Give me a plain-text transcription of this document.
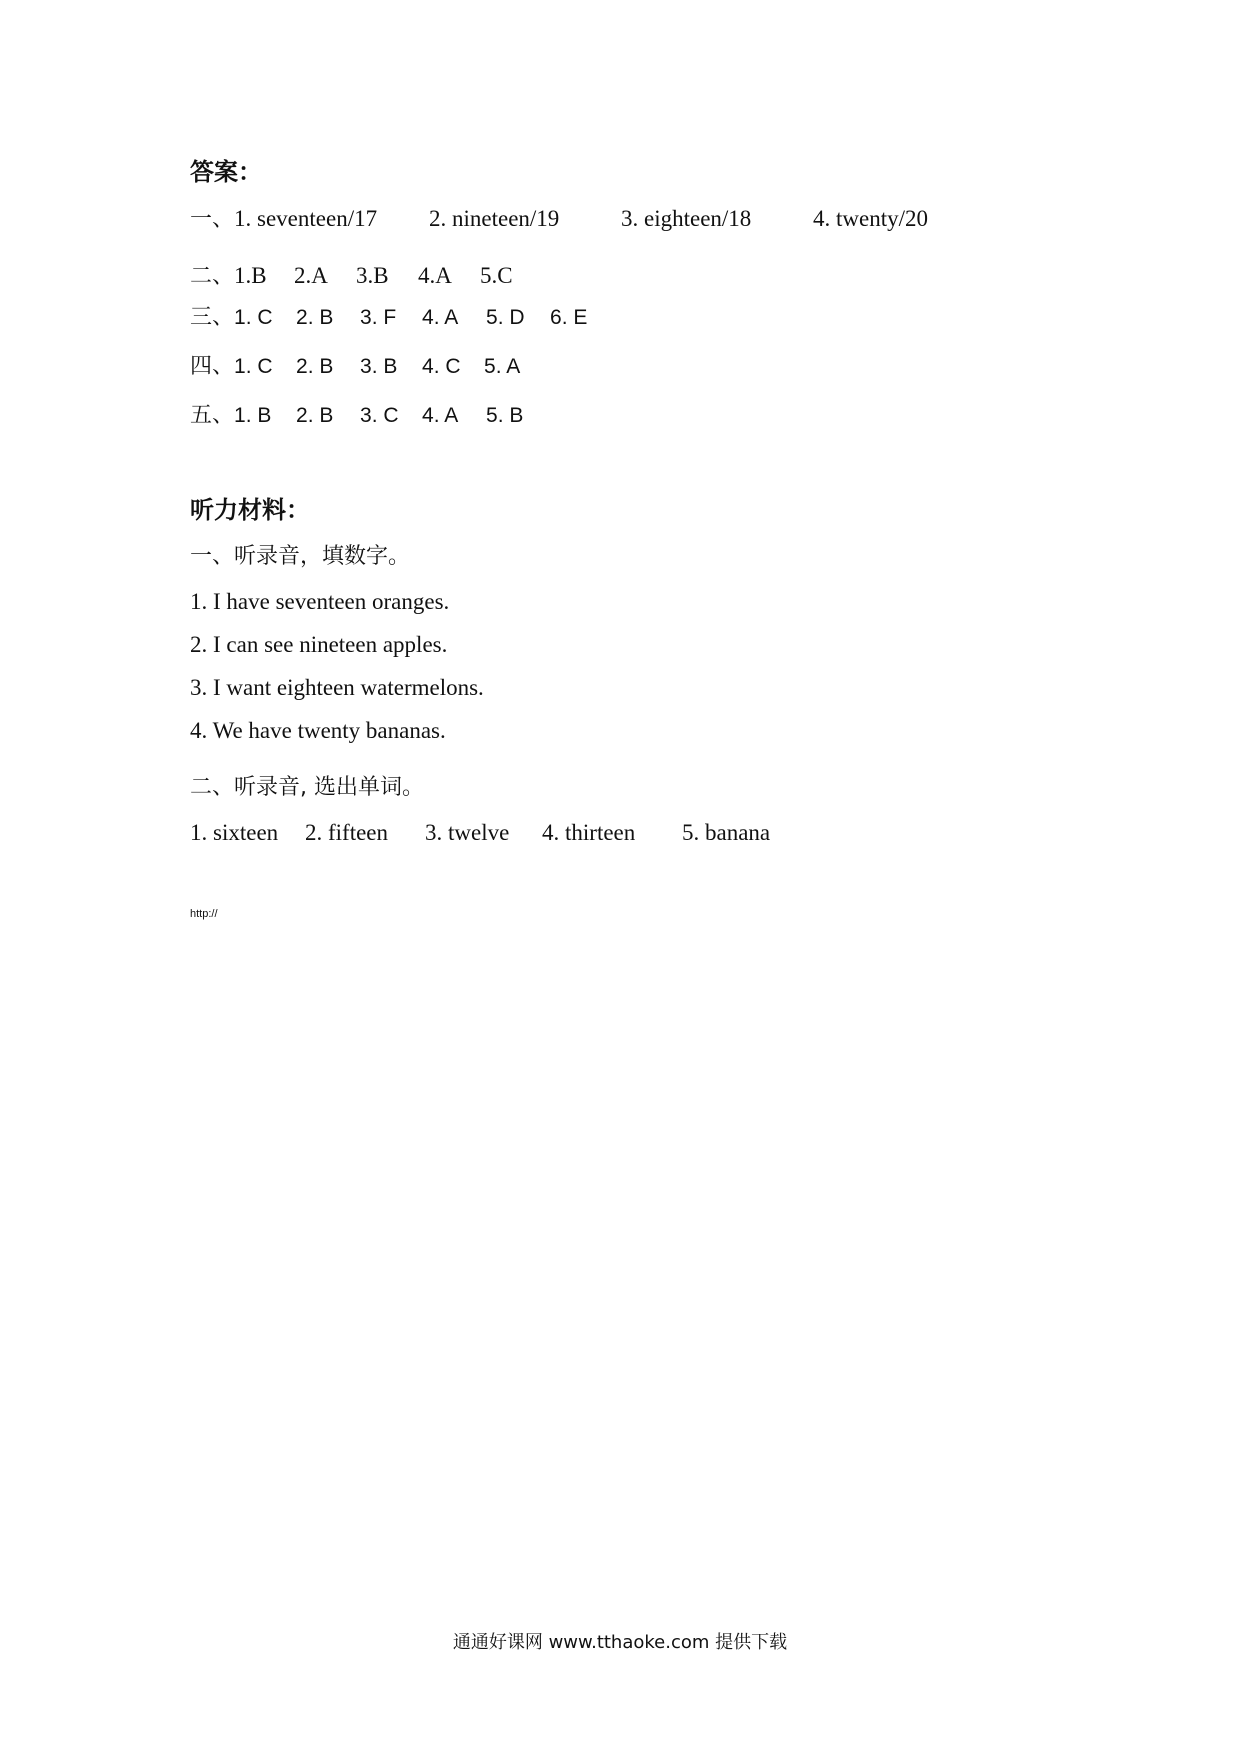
答案：
一、1. seventeen/17 2. nineteen/19	3. eighteen/18	4. twenty/20
二、1.B 2.A 3.B 4.A 5.C
三、1. C 2. B 3. F 4. A 5. D 6. E
四、1. C 2. B 3. B 4. C 5. A
五、1. B 2. B 3. C 4. A 5. B
听力材料：
一、听录音，填数字。
1. I have seventeen oranges.
2. I can see nineteen apples.
3. I want eighteen watermelons.
4. We have twenty bananas.
二、听录音, 选出单词。
1. sixteen 2. fifteen 3. twelve 4. thirteen 5. banana
http://
通通好课网 www.tthaoke.com 提供下载
